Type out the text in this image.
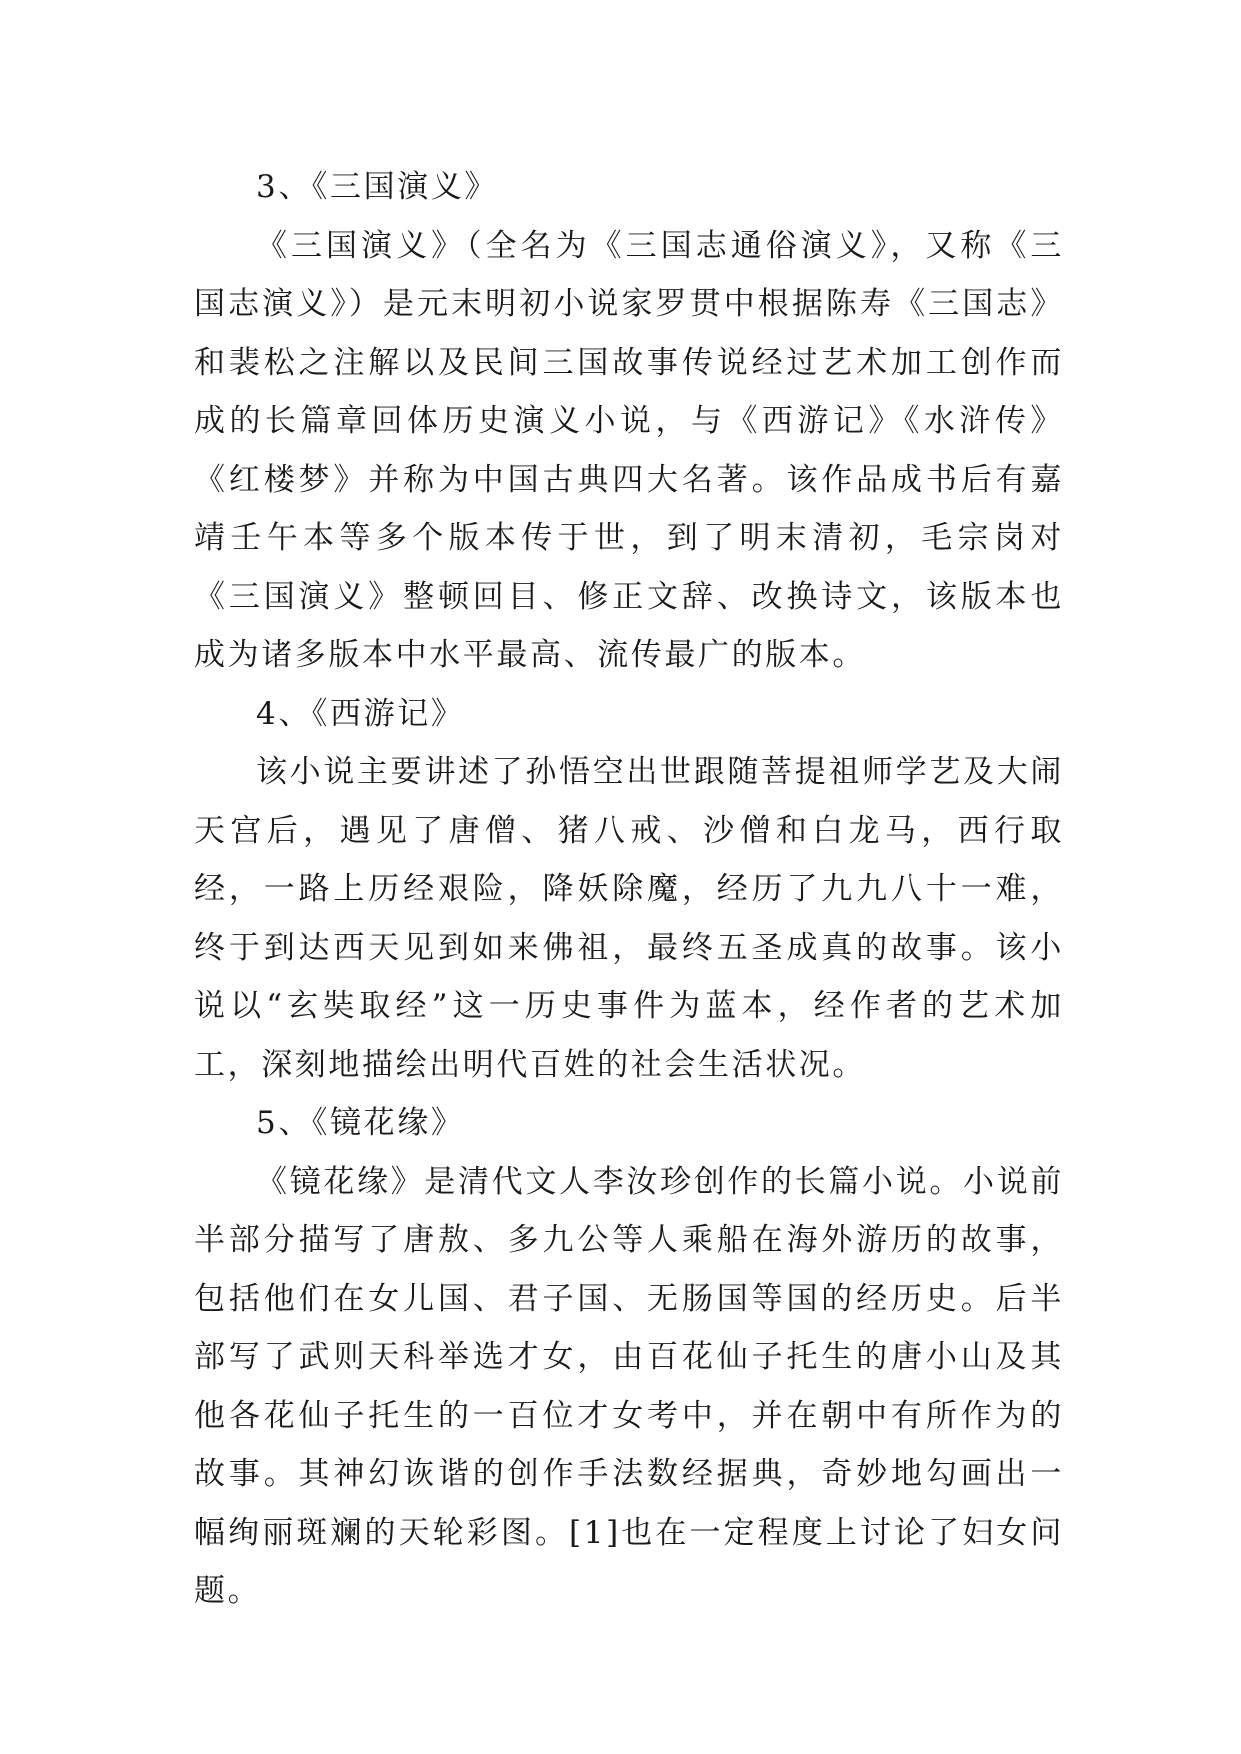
3、《三国演义》

《三国演义》（全名为《三国志通俗演义》，又称《三国志演义》）是元末明初小说家罗贯中根据陈寿《三国志》和裴松之注解以及民间三国故事传说经过艺术加工创作而成的长篇章回体历史演义小说，与《西游记》《水浒传》《红楼梦》并称为中国古典四大名著。该作品成书后有嘉靖壬午本等多个版本传于世，到了明末清初，毛宗岗对《三国演义》整顿回目、修正文辞、改换诗文，该版本也成为诸多版本中水平最高、流传最广的版本。

4、《西游记》

该小说主要讲述了孙悟空出世跟随菩提祖师学艺及大闹天宫后，遇见了唐僧、猪八戒、沙僧和白龙马，西行取经，一路上历经艰险，降妖除魔，经历了九九八十一难，终于到达西天见到如来佛祖，最终五圣成真的故事。该小说以“玄奘取经”这一历史事件为蓝本，经作者的艺术加工，深刻地描绘出明代百姓的社会生活状况。

5、《镜花缘》

《镜花缘》是清代文人李汝珍创作的长篇小说。小说前半部分描写了唐敖、多九公等人乘船在海外游历的故事，包括他们在女儿国、君子国、无肠国等国的经历史。后半部写了武则天科举选才女，由百花仙子托生的唐小山及其他各花仙子托生的一百位才女考中，并在朝中有所作为的故事。其神幻诙谐的创作手法数经据典，奇妙地勾画出一幅绚丽斑斓的天轮彩图。[1]也在一定程度上讨论了妇女问题。
